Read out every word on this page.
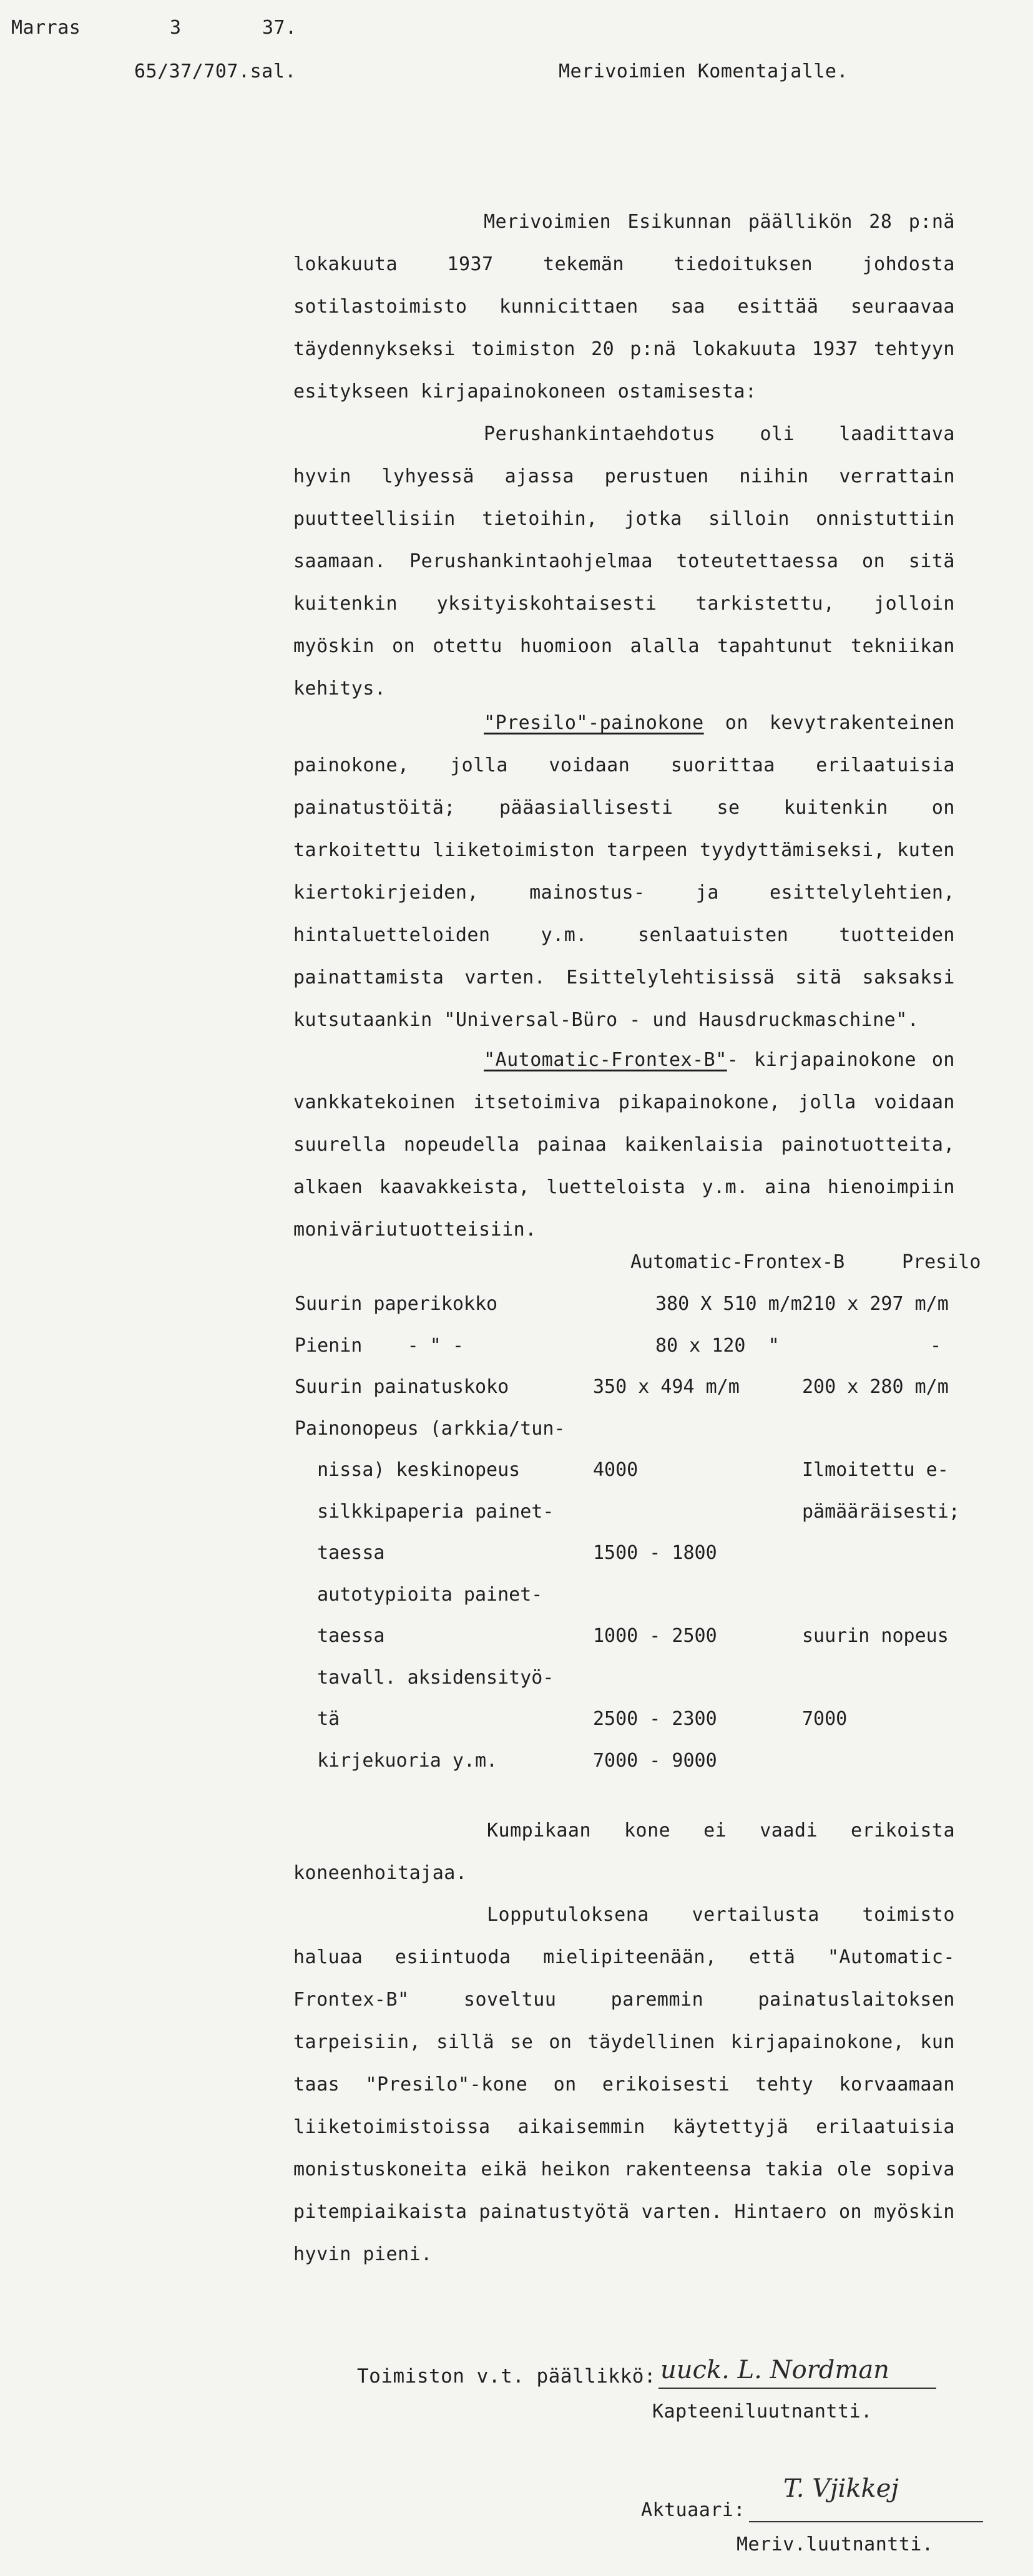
Marras	3	37.
65/37/707.sal.	Merivoimien Komentajalle.
Merivoimien Esikunnan päällikön 28 p:nä lokakuuta 1937 tekemän tiedoituksen johdosta sotilastoimisto kunnicittaen saa esittää seuraavaa täydennykseksi toimiston 20 p:nä lokakuuta 1937 tehtyyn esitykseen kirjapainokoneen ostamisesta:
Perushankintaehdotus oli laadittava hyvin lyhyessä ajassa perustuen niihin verrattain puutteellisiin tietoihin, jotka silloin onnistuttiin saamaan. Perushankintaohjelmaa toteutettaessa on sitä kuitenkin yksityiskohtaisesti tarkistettu, jolloin myöskin on otettu huomioon alalla tapahtunut tekniikan kehitys.
"Presilo"-painokone on kevytrakenteinen painokone, jolla voidaan suorittaa erilaatuisia painatustöitä; pääasiallisesti se kuitenkin on tarkoitettu liiketoimiston tarpeen tyydyttämiseksi, kuten kiertokirjeiden, mainostus- ja esittelylehtien, hintaluetteloiden y.m. senlaatuisten tuotteiden painattamista varten. Esittelylehtisissä sitä saksaksi kutsutaankin "Universal-Büro - und Hausdruckmaschine".
"Automatic-Frontex-B"- kirjapainokone on vankkatekoinen itsetoimiva pikapainokone, jolla voidaan suurella nopeudella painaa kaikenlaisia painotuotteita, alkaen kaavakkeista, luetteloista y.m. aina hienoimpiin moniväriutuotteisiin.
Automatic-Frontex-B	Presilo
Suurin paperikokko	380 X 510 m/m 210 x 297 m/m
Pienin    - " -	80 x 120  "	-
Suurin painatuskoko	350 x 494 m/m	200 x 280 m/m
Painonopeus (arkkia/tun-
nissa) keskinopeus	4000	Ilmoitettu e-
silkkipaperia painet-	pämääräisesti;
taessa	1500 - 1800
autotypioita painet-
taessa	1000 - 2500	suurin nopeus
tavall. aksidensityö-
tä	2500 - 2300	7000
kirjekuoria y.m.	7000 - 9000
Kumpikaan kone ei vaadi erikoista koneenhoitajaa.
Lopputuloksena vertailusta toimisto haluaa esiintuoda mielipiteenään, että "Automatic-Frontex-B" soveltuu paremmin painatuslaitoksen tarpeisiin, sillä se on täydellinen kirjapainokone, kun taas "Presilo"-kone on erikoisesti tehty korvaamaan liiketoimistoissa aikaisemmin käytettyjä erilaatuisia monistuskoneita eikä heikon rakenteensa takia ole sopiva pitempiaikaista painatustyötä varten. Hintaero on myöskin hyvin pieni.
Toimiston v.t. päällikkö: uuck. L. Nordman
Kapteeniluutnantti.
Aktuaari:
T. Vjikkej
Meriv.luutnantti.
